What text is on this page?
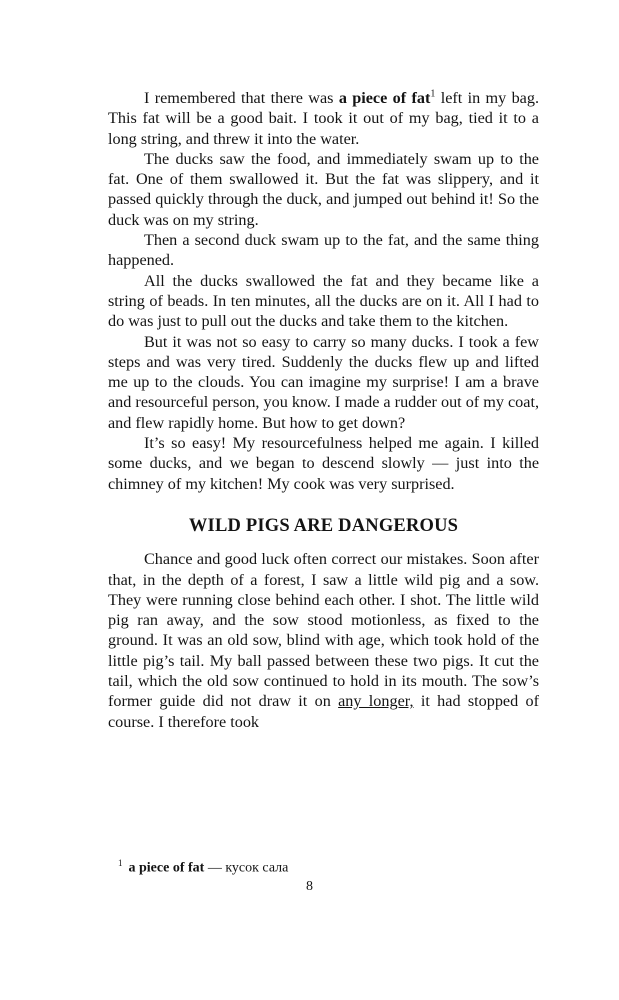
I remembered that there was a piece of fat$^1$ left in my bag. This fat will be a good bait. I took it out of my bag, tied it to a long string, and threw it into the water.

The ducks saw the food, and immediately swam up to the fat. One of them swallowed it. But the fat was slippery, and it passed quickly through the duck, and jumped out behind it! So the duck was on my string.

Then a second duck swam up to the fat, and the same thing happened.

All the ducks swallowed the fat and they became like a string of beads. In ten minutes, all the ducks are on it. All I had to do was just to pull out the ducks and take them to the kitchen.

But it was not so easy to carry so many ducks. I took a few steps and was very tired. Suddenly the ducks flew up and lifted me up to the clouds. You can imagine my surprise! I am a brave and resourceful person, you know. I made a rudder out of my coat, and flew rapidly home. But how to get down?

It’s so easy! My resourcefulness helped me again. I killed some ducks, and we began to descend slowly — just into the chimney of my kitchen! My cook was very surprised.

WILD PIGS ARE DANGEROUS

Chance and good luck often correct our mistakes. Soon after that, in the depth of a forest, I saw a little wild pig and a sow. They were running close behind each other. I shot. The little wild pig ran away, and the sow stood motionless, as fixed to the ground. It was an old sow, blind with age, which took hold of the little pig’s tail. My ball passed between these two pigs. It cut the tail, which the old sow continued to hold in its mouth. The sow’s former guide did not draw it on any longer, it had stopped of course. I therefore took

$^1$ a piece of fat — кусок сала
8
